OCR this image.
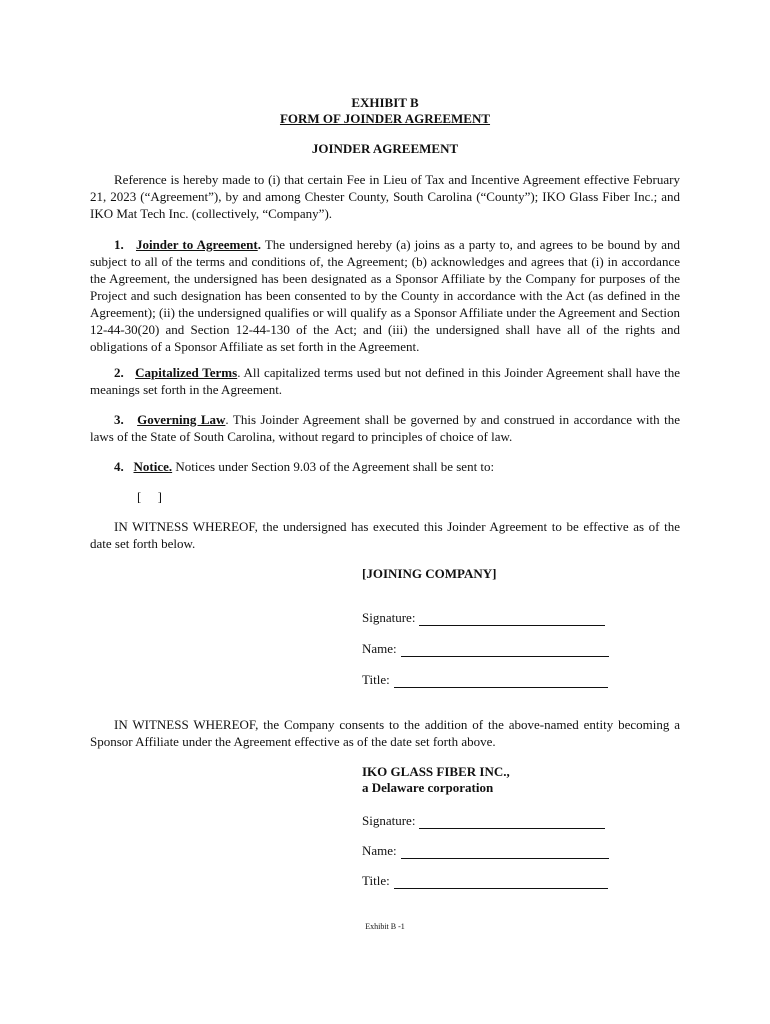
EXHIBIT B
FORM OF JOINDER AGREEMENT
JOINDER AGREEMENT
Reference is hereby made to (i) that certain Fee in Lieu of Tax and Incentive Agreement effective February 21, 2023 (“Agreement”), by and among Chester County, South Carolina (“County”); IKO Glass Fiber Inc.; and IKO Mat Tech Inc. (collectively, “Company”).
1. Joinder to Agreement. The undersigned hereby (a) joins as a party to, and agrees to be bound by and subject to all of the terms and conditions of, the Agreement; (b) acknowledges and agrees that (i) in accordance the Agreement, the undersigned has been designated as a Sponsor Affiliate by the Company for purposes of the Project and such designation has been consented to by the County in accordance with the Act (as defined in the Agreement); (ii) the undersigned qualifies or will qualify as a Sponsor Affiliate under the Agreement and Section 12-44-30(20) and Section 12-44-130 of the Act; and (iii) the undersigned shall have all of the rights and obligations of a Sponsor Affiliate as set forth in the Agreement.
2. Capitalized Terms. All capitalized terms used but not defined in this Joinder Agreement shall have the meanings set forth in the Agreement.
3. Governing Law. This Joinder Agreement shall be governed by and construed in accordance with the laws of the State of South Carolina, without regard to principles of choice of law.
4. Notice. Notices under Section 9.03 of the Agreement shall be sent to:
[     ]
IN WITNESS WHEREOF, the undersigned has executed this Joinder Agreement to be effective as of the date set forth below.
[JOINING COMPANY]
Signature:
Name:
Title:
IN WITNESS WHEREOF, the Company consents to the addition of the above-named entity becoming a Sponsor Affiliate under the Agreement effective as of the date set forth above.
IKO GLASS FIBER INC.,
a Delaware corporation
Signature:
Name:
Title:
Exhibit B -1
